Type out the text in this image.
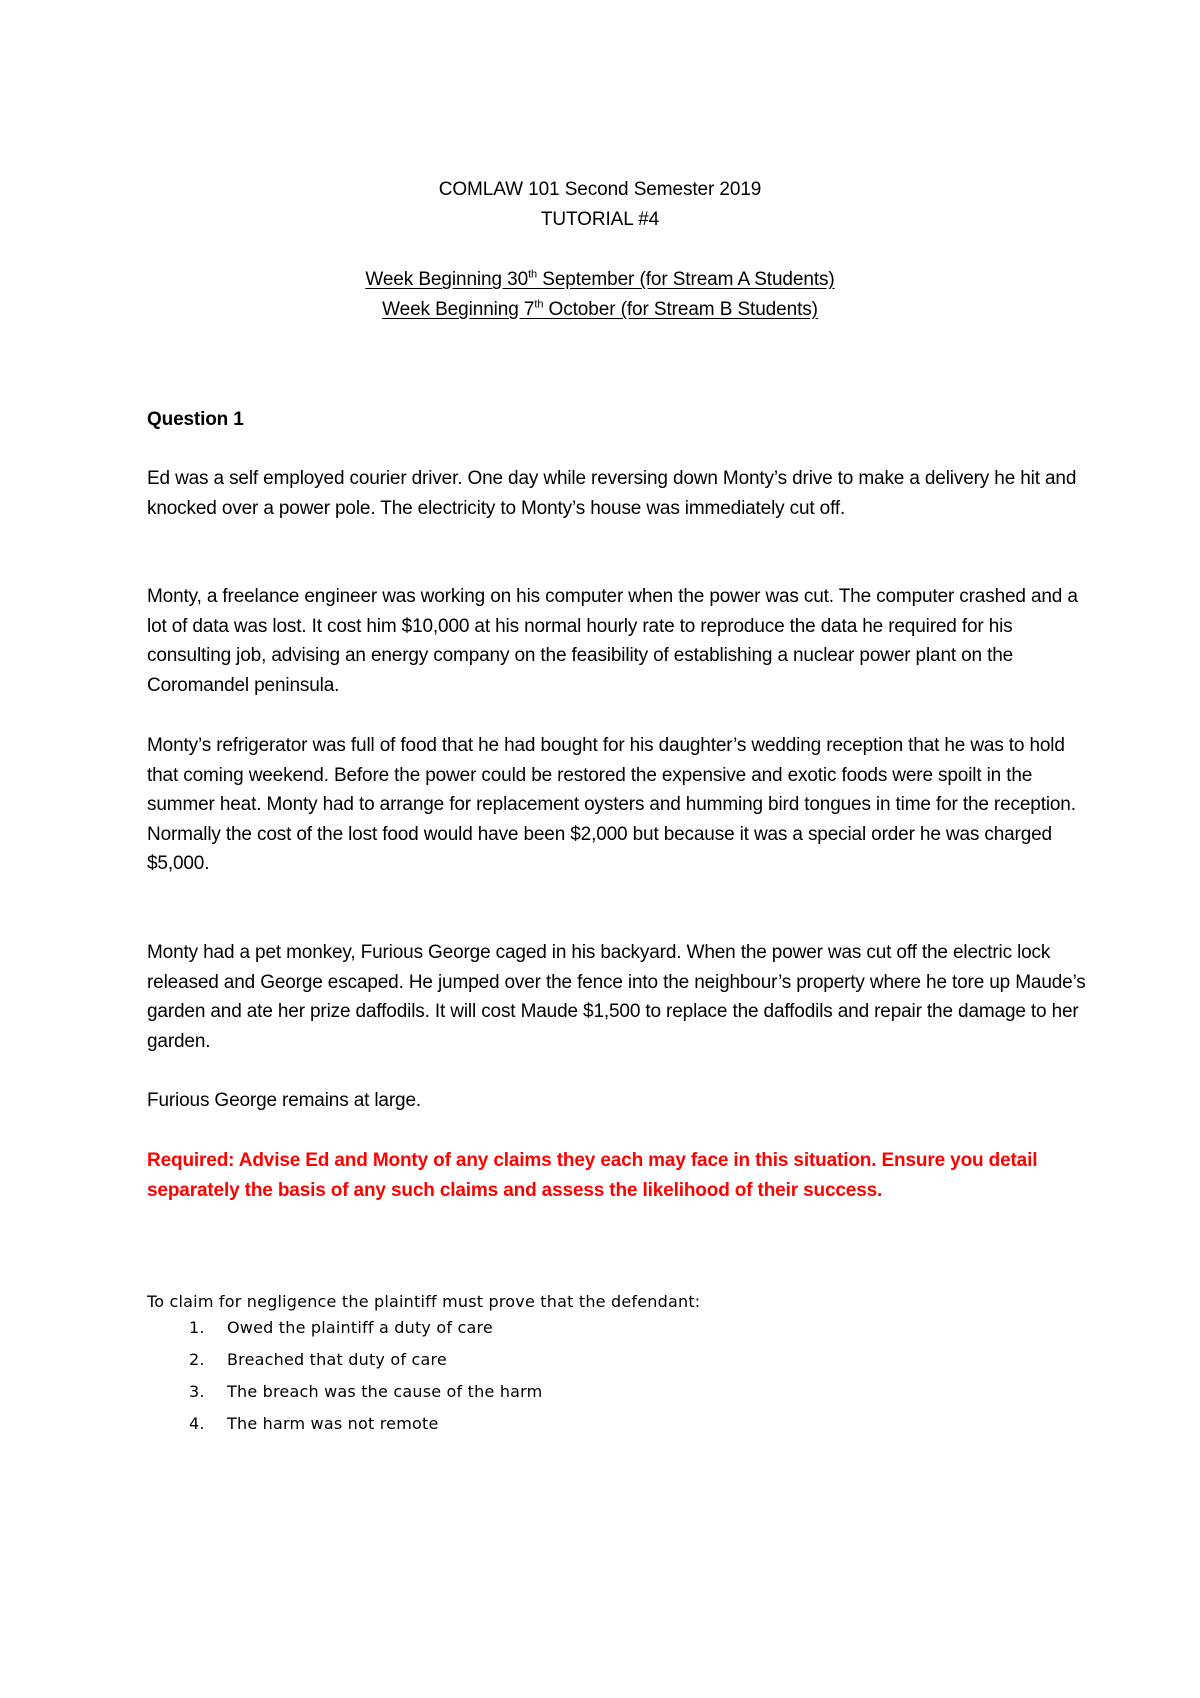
COMLAW 101 Second Semester 2019
TUTORIAL #4
Week Beginning 30th September (for Stream A Students)
Week Beginning 7th October (for Stream B Students)
Question 1

Ed was a self employed courier driver. One day while reversing down Monty’s drive to make a delivery he hit and knocked over a power pole. The electricity to Monty’s house was immediately cut off.

Monty, a freelance engineer was working on his computer when the power was cut. The computer crashed and a lot of data was lost. It cost him $10,000 at his normal hourly rate to reproduce the data he required for his consulting job, advising an energy company on the feasibility of establishing a nuclear power plant on the Coromandel peninsula.

Monty’s refrigerator was full of food that he had bought for his daughter’s wedding reception that he was to hold that coming weekend. Before the power could be restored the expensive and exotic foods were spoilt in the summer heat. Monty had to arrange for replacement oysters and humming bird tongues in time for the reception. Normally the cost of the lost food would have been $2,000 but because it was a special order he was charged $5,000.

Monty had a pet monkey, Furious George caged in his backyard. When the power was cut off the electric lock released and George escaped. He jumped over the fence into the neighbour’s property where he tore up Maude’s garden and ate her prize daffodils. It will cost Maude $1,500 to replace the daffodils and repair the damage to her garden.

Furious George remains at large.

Required: Advise Ed and Monty of any claims they each may face in this situation. Ensure you detail separately the basis of any such claims and assess the likelihood of their success.

To claim for negligence the plaintiff must prove that the defendant:
1.	Owed the plaintiff a duty of care
2.	Breached that duty of care
3.	The breach was the cause of the harm
4.	The harm was not remote
